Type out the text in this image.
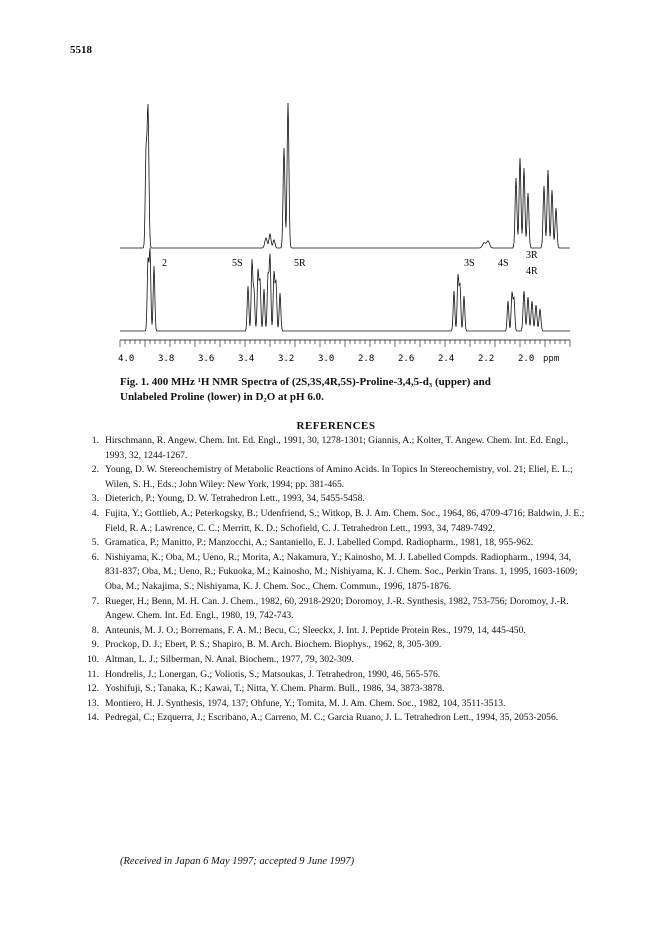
5518
2	5S	5R	3S 4S
3R
4R
4.0	3.8	3.6	3.4	3.2	3.0	2.8	2.6	2.4	2.2	2.0 ppm
Fig. 1. 400 MHz ¹H NMR Spectra of (2S,3S,4R,5S)-Proline-3,4,5-d₃ (upper) and
Unlabeled Proline (lower) in D₂O at pH 6.0.
REFERENCES
1. Hirschmann, R. Angew. Chem. Int. Ed. Engl., 1991, 30, 1278-1301; Giannis, A.; Kolter, T. Angew. Chem. Int. Ed. Engl., 1993, 32, 1244-1267.
2. Young, D. W. Stereochemistry of Metabolic Reactions of Amino Acids. In Topics In Stereochemistry, vol. 21; Eliel, E. L.; Wilen, S. H., Eds.; John Wiley: New York, 1994; pp. 381-465.
3. Dieterich, P.; Young, D. W. Tetrahedron Lett., 1993, 34, 5455-5458.
4. Fujita, Y.; Gottlieb, A.; Peterkogsky, B.; Udenfriend, S.; Witkop, B. J. Am. Chem. Soc., 1964, 86, 4709-4716; Baldwin, J. E.; Field, R. A.; Lawrence, C. C.; Merritt, K. D.; Schofield, C. J. Tetrahedron Lett., 1993, 34, 7489-7492.
5. Gramatica, P.; Manitto, P.; Manzocchi, A.; Santaniello, E. J. Labelled Compd. Radiopharm., 1981, 18, 955-962.
6. Nishiyama, K.; Oba, M.; Ueno, R.; Morita, A.; Nakamura, Y.; Kainosho, M. J. Labelled Compds. Radiopharm., 1994, 34, 831-837; Oba, M.; Ueno, R.; Fukuoka, M.; Kainosho, M.; Nishiyama, K. J. Chem. Soc., Perkin Trans. 1, 1995, 1603-1609; Oba, M.; Nakajima, S.; Nishiyama, K. J. Chem. Soc., Chem. Commun., 1996, 1875-1876.
7. Rueger, H.; Benn, M. H. Can. J. Chem., 1982, 60, 2918-2920; Doromoy, J.-R. Synthesis, 1982, 753-756; Doromoy, J.-R. Angew. Chem. Int. Ed. Engl., 1980, 19, 742-743.
8. Anteunis, M. J. O.; Borremans, F. A. M.; Becu, C.; Sleeckx, J. Int. J. Peptide Protein Res., 1979, 14, 445-450.
9. Prockop, D. J.; Ebert, P. S.; Shapiro, B. M. Arch. Biochem. Biophys., 1962, 8, 305-309.
10. Altman, L. J.; Silberman, N. Anal. Biochem., 1977, 79, 302-309.
11. Hondrelis, J.; Lonergan, G.; Voliotis, S.; Matsoukas, J. Tetrahedron, 1990, 46, 565-576.
12. Yoshifuji, S.; Tanaka, K.; Kawai, T.; Nitta, Y. Chem. Pharm. Bull., 1986, 34, 3873-3878.
13. Montiero, H. J. Synthesis, 1974, 137; Ohfune, Y.; Tomita, M. J. Am. Chem. Soc., 1982, 104, 3511-3513.
14. Pedregal, C.; Ezquerra, J.; Escribano, A.; Carreno, M. C.; Garcia Ruano, J. L. Tetrahedron Lett., 1994, 35, 2053-2056.
(Received in Japan 6 May 1997; accepted 9 June 1997)
